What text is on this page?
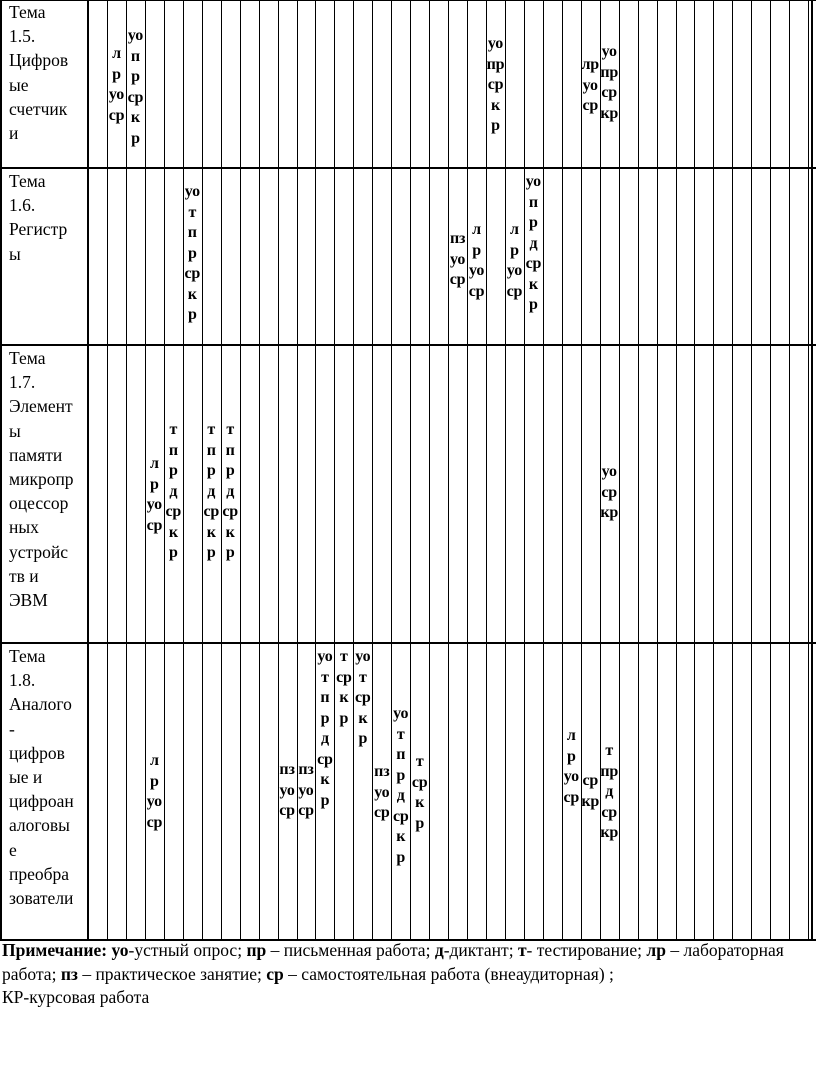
Тема
1.5.
Цифров
ые
счетчик
и
л
р
уо
ср
уо
п
р
ср
к
р
уо
пр
ср
к
р
лр
уо
ср
уо
пр
ср
кр
Тема
1.6.
Регистр
ы
уо
т
п
р
ср
к
р
пз
уо
ср
л
р
уо
ср
л
р
уо
ср
уо
п
р
д
ср
к
р
Тема
1.7.
Элемент
ы
памяти
микропр
оцессор
ных
устройс
тв и
ЭВМ
л
р
уо
ср
т
п
р
д
ср
к
р
т
п
р
д
ср
к
р
т
п
р
д
ср
к
р
уо
ср
кр
Тема
1.8.
Аналого
-
цифров
ые и
цифроан
алоговы
е
преобра
зователи
л
р
уо
ср
пз
уо
ср
пз
уо
ср
уо
т
п
р
д
ср
к
р
т
ср
к
р
уо
т
ср
к
р
пз
уо
ср
уо
т
п
р
д
ср
к
р
т
ср
к
р
л
р
уо
ср
ср
кр
т
пр
д
ср
кр
Примечание: уо-устный опрос; пр – письменная работа; д-диктант; т- тестирование; лр – лабораторная работа; пз – практическое занятие; ср – самостоятельная работа (внеаудиторная) ;
КР-курсовая работа
